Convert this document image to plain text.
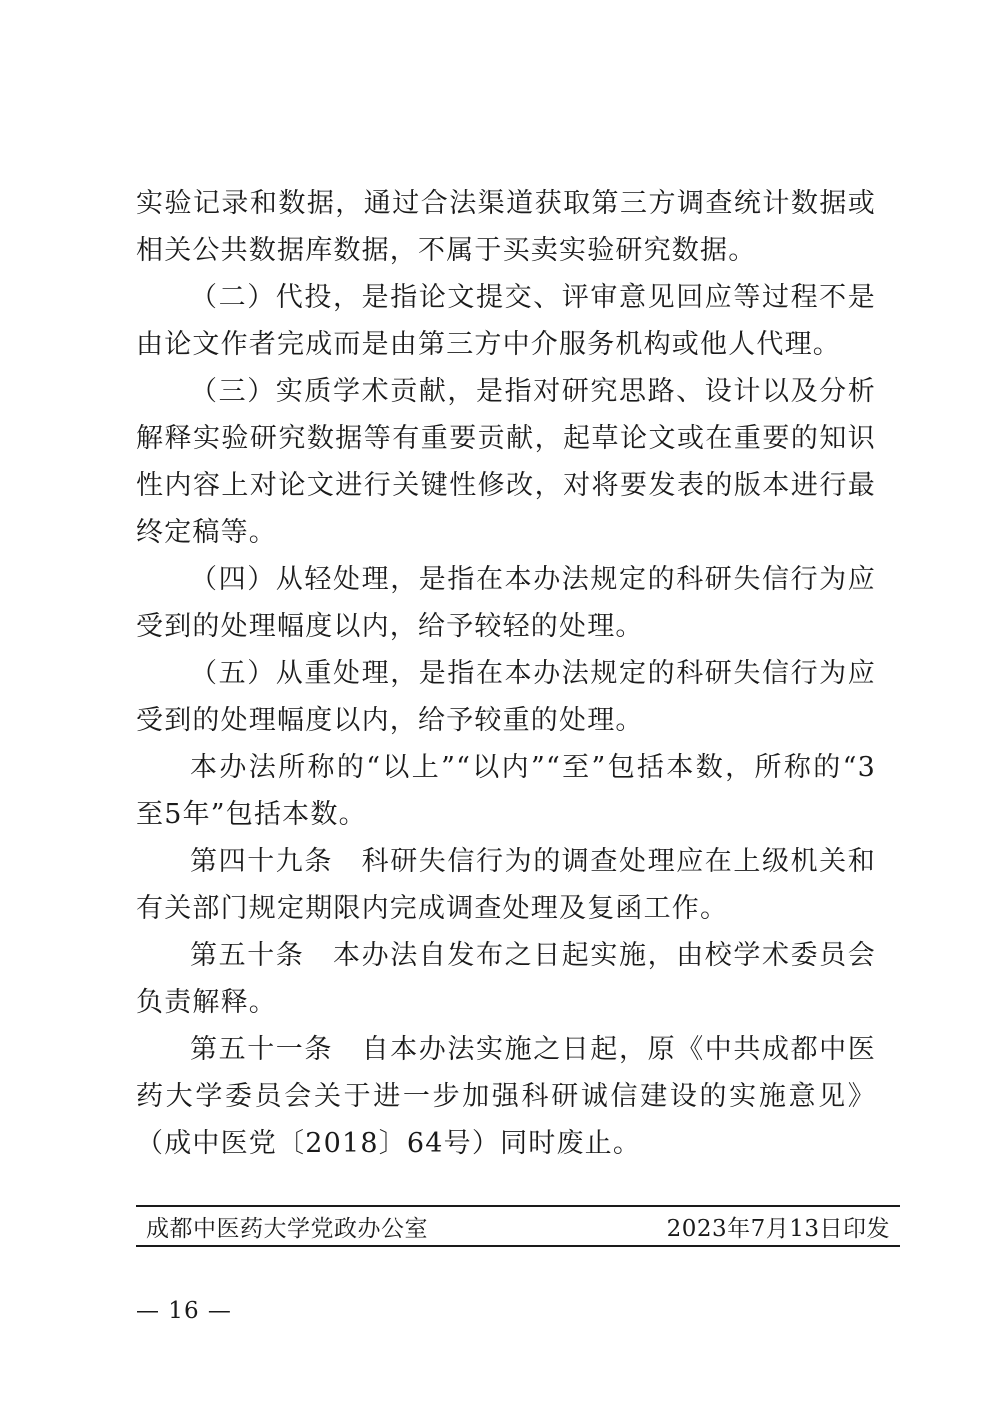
实验记录和数据，通过合法渠道获取第三方调查统计数据或相关公共数据库数据，不属于买卖实验研究数据。

（二）代投，是指论文提交、评审意见回应等过程不是由论文作者完成而是由第三方中介服务机构或他人代理。

（三）实质学术贡献，是指对研究思路、设计以及分析解释实验研究数据等有重要贡献，起草论文或在重要的知识性内容上对论文进行关键性修改，对将要发表的版本进行最终定稿等。

（四）从轻处理，是指在本办法规定的科研失信行为应受到的处理幅度以内，给予较轻的处理。

（五）从重处理，是指在本办法规定的科研失信行为应受到的处理幅度以内，给予较重的处理。

本办法所称的“以上”“以内”“至”包括本数，所称的“3至5年”包括本数。

第四十九条　科研失信行为的调查处理应在上级机关和有关部门规定期限内完成调查处理及复函工作。

第五十条　本办法自发布之日起实施，由校学术委员会负责解释。

第五十一条　自本办法实施之日起，原《中共成都中医药大学委员会关于进一步加强科研诚信建设的实施意见》（成中医党〔2018〕64号）同时废止。

成都中医药大学党政办公室	2023年7月13日印发
— 16 —
